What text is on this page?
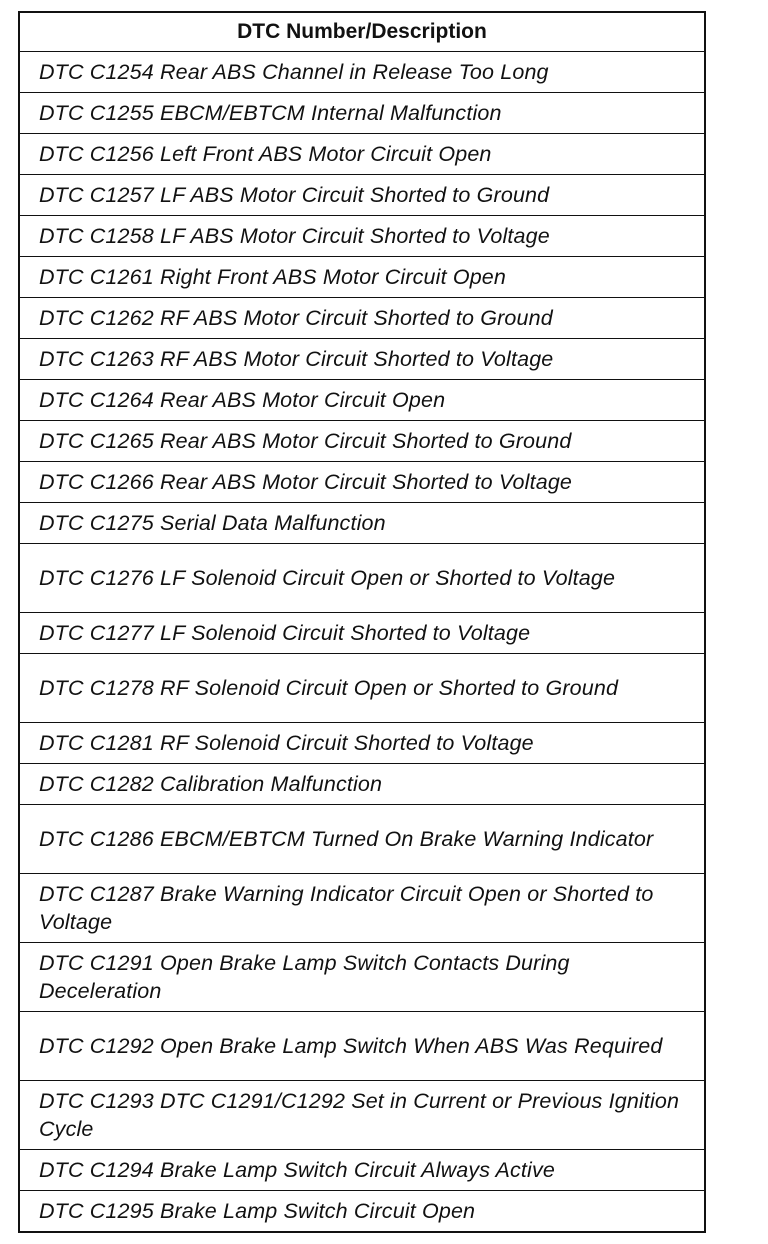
DTC Number/Description
DTC C1254 Rear ABS Channel in Release Too Long
DTC C1255 EBCM/EBTCM Internal Malfunction
DTC C1256 Left Front ABS Motor Circuit Open
DTC C1257 LF ABS Motor Circuit Shorted to Ground
DTC C1258 LF ABS Motor Circuit Shorted to Voltage
DTC C1261 Right Front ABS Motor Circuit Open
DTC C1262 RF ABS Motor Circuit Shorted to Ground
DTC C1263 RF ABS Motor Circuit Shorted to Voltage
DTC C1264 Rear ABS Motor Circuit Open
DTC C1265 Rear ABS Motor Circuit Shorted to Ground
DTC C1266 Rear ABS Motor Circuit Shorted to Voltage
DTC C1275 Serial Data Malfunction
DTC C1276 LF Solenoid Circuit Open or Shorted to Voltage
DTC C1277 LF Solenoid Circuit Shorted to Voltage
DTC C1278 RF Solenoid Circuit Open or Shorted to Ground
DTC C1281 RF Solenoid Circuit Shorted to Voltage
DTC C1282 Calibration Malfunction
DTC C1286 EBCM/EBTCM Turned On Brake Warning Indicator
DTC C1287 Brake Warning Indicator Circuit Open or Shorted to Voltage
DTC C1291 Open Brake Lamp Switch Contacts During Deceleration
DTC C1292 Open Brake Lamp Switch When ABS Was Required
DTC C1293 DTC C1291/C1292 Set in Current or Previous Ignition Cycle
DTC C1294 Brake Lamp Switch Circuit Always Active
DTC C1295 Brake Lamp Switch Circuit Open
